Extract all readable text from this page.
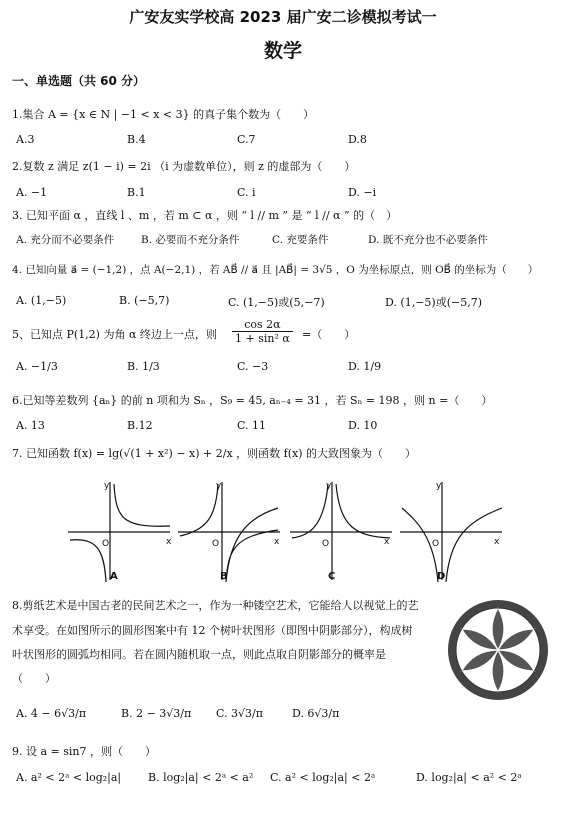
广安友实学校高 2023 届广安二诊模拟考试一
数学
一、单选题（共 60 分）
1.集合 A = {x ∈ N | −1 < x < 3} 的真子集个数为（　　）
A.3	B.4	C.7	D.8
2.复数 z 满足 z(1 − i) = 2i （i 为虚数单位），则 z 的虚部为（　　）
A. −1	B.1	C. i	D. −i
3. 已知平面 α ，直线 l 、m ，若 m ⊂ α ，则 “ l // m ” 是 “ l // α ” 的（　）
A. 充分而不必要条件	B. 必要而不充分条件	C. 充要条件	D. 既不充分也不必要条件
4. 已知向量 a⃗ = (−1,2) ，点 A(−2,1) ，若 AB⃗ // a⃗ 且 |AB⃗| = 3√5 ，O 为坐标原点，则 OB⃗ 的坐标为（　　）
A. (1,−5)	B. (−5,7)	C. (1,−5)或(5,−7)	D. (1,−5)或(−5,7)
5、已知点 P(1,2) 为角 α 终边上一点，则 $\frac{\cos 2\alpha}{\text{1 + sin² α}}$ =（　　）
A. −1/3	B. 1/3	C. −3	D. 1/9
6.已知等差数列 {aₙ} 的前 n 项和为 Sₙ ，S₉ = 45, aₙ₋₄ = 31 ，若 Sₙ = 198 ，则 n =（　　）
A. 13	B.12	C. 11	D. 10
7. 已知函数 f(x) = lg(√(1 + x²) − x) + 2/x ，则函数 f(x) 的大致图象为（　　）
y
x
O
y
x
O
y
x
O
y
x
O
A	B	C	D
8.剪纸艺术是中国古老的民间艺术之一，作为一种镂空艺术，它能给人以视觉上的艺
术享受。在如图所示的圆形图案中有 12 个树叶状图形（即图中阴影部分），构成树
叶状图形的圆弧均相同。若在圆内随机取一点，则此点取自阴影部分的概率是
（　　）
A. 4 − 6√3/π	B. 2 − 3√3/π C. 3√3/π	D. 6√3/π
9. 设 a = sin7 ，则（　　）
A. a² < 2ᵃ < log₂|a| B. log₂|a| < 2ᵃ < a² C. a² < log₂|a| < 2ᵃ	D. log₂|a| < a² < 2ᵃ
